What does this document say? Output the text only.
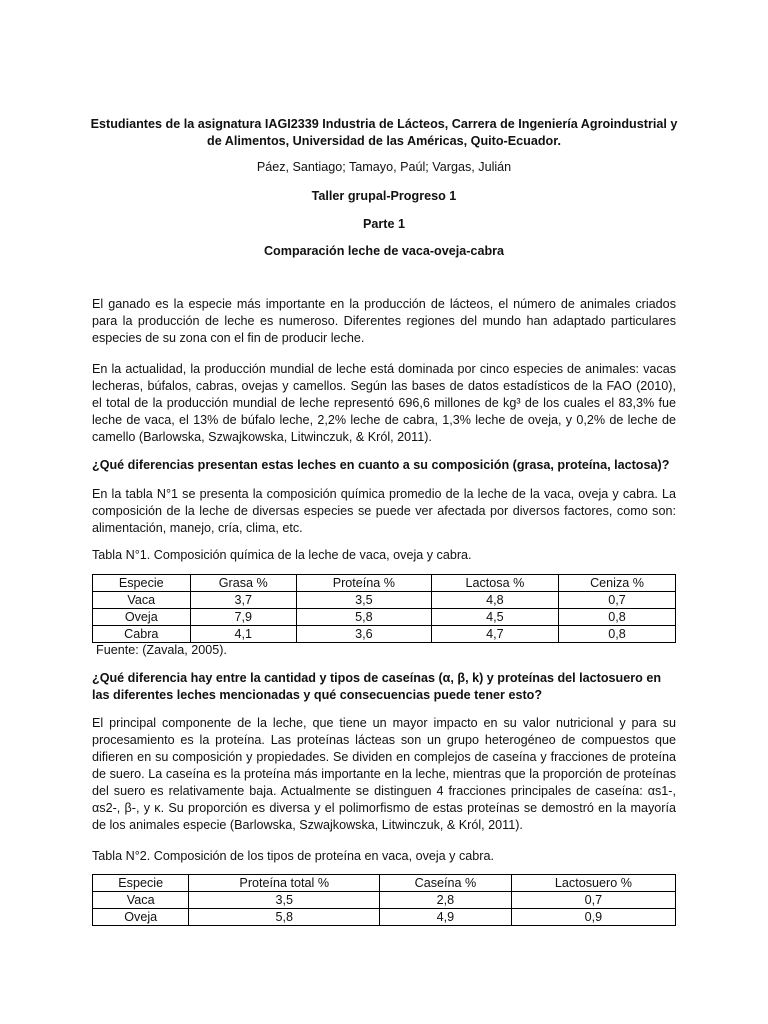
Estudiantes de la asignatura IAGI2339 Industria de Lácteos, Carrera de Ingeniería Agroindustrial y

de Alimentos, Universidad de las Américas, Quito-Ecuador.

Páez, Santiago; Tamayo, Paúl; Vargas, Julián

Taller grupal-Progreso 1

Parte 1

Comparación leche de vaca-oveja-cabra

El ganado es la especie más importante en la producción de lácteos, el número de animales criados para la producción de leche es numeroso. Diferentes regiones del mundo han adaptado particulares especies de su zona con el fin de producir leche.

En la actualidad, la producción mundial de leche está dominada por cinco especies de animales: vacas lecheras, búfalos, cabras, ovejas y camellos. Según las bases de datos estadísticos de la FAO (2010), el total de la producción mundial de leche representó 696,6 millones de kg³ de los cuales el 83,3% fue leche de vaca, el 13% de búfalo leche, 2,2% leche de cabra, 1,3% leche de oveja, y 0,2% de leche de camello (Barlowska, Szwajkowska, Litwinczuk, & Król, 2011).

¿Qué diferencias presentan estas leches en cuanto a su composición (grasa, proteína, lactosa)?

En la tabla N°1 se presenta la composición química promedio de la leche de la vaca, oveja y cabra. La composición de la leche de diversas especies se puede ver afectada por diversos factores, como son: alimentación, manejo, cría, clima, etc.

Tabla N°1. Composición química de la leche de vaca, oveja y cabra.

Especie	Grasa %	Proteína %	Lactosa %	Ceniza %
Vaca	3,7	3,5	4,8	0,7
Oveja	7,9	5,8	4,5	0,8
Cabra	4,1	3,6	4,7	0,8

Fuente: (Zavala, 2005).

¿Qué diferencia hay entre la cantidad y tipos de caseínas (α, β, k) y proteínas del lactosuero en las diferentes leches mencionadas y qué consecuencias puede tener esto?

El principal componente de la leche, que tiene un mayor impacto en su valor nutricional y para su procesamiento es la proteína. Las proteínas lácteas son un grupo heterogéneo de compuestos que difieren en su composición y propiedades. Se dividen en complejos de caseína y fracciones de proteína de suero. La caseína es la proteína más importante en la leche, mientras que la proporción de proteínas del suero es relativamente baja. Actualmente se distinguen 4 fracciones principales de caseína: αs1-, αs2-, β-, y κ. Su proporción es diversa y el polimorfismo de estas proteínas se demostró en la mayoría de los animales especie (Barlowska, Szwajkowska, Litwinczuk, & Król, 2011).

Tabla N°2. Composición de los tipos de proteína en vaca, oveja y cabra.

Especie	Proteína total %	Caseína %	Lactosuero %
Vaca	3,5	2,8	0,7
Oveja	5,8	4,9	0,9
